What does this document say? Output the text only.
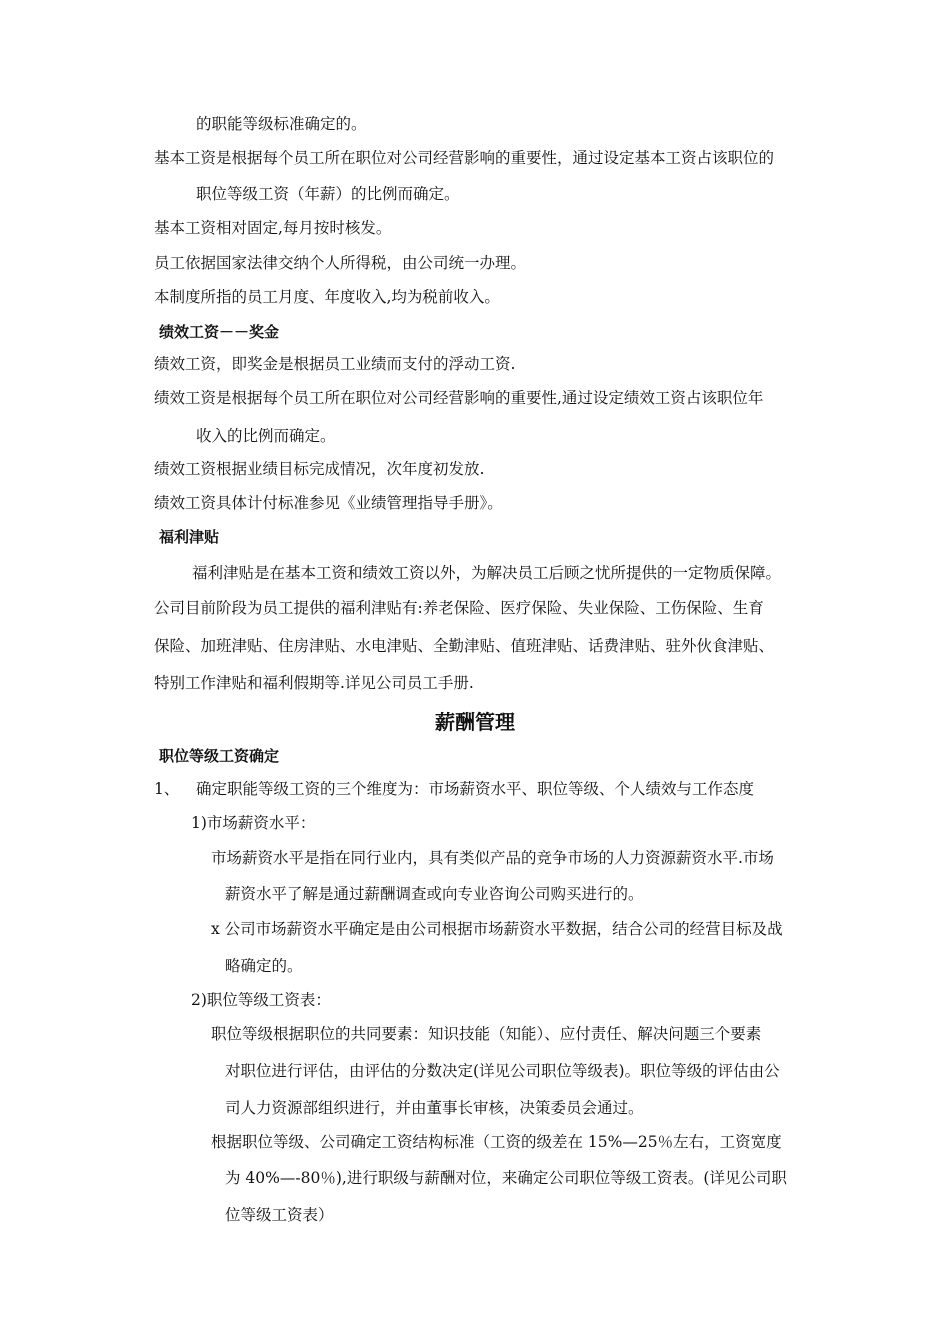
的职能等级标准确定的。
基本工资是根据每个员工所在职位对公司经营影响的重要性，通过设定基本工资占该职位的
职位等级工资（年薪）的比例而确定。
基本工资相对固定,每月按时核发。
员工依据国家法律交纳个人所得税，由公司统一办理。
本制度所指的员工月度、年度收入,均为税前收入。
绩效工资－－奖金
绩效工资，即奖金是根据员工业绩而支付的浮动工资.
绩效工资是根据每个员工所在职位对公司经营影响的重要性,通过设定绩效工资占该职位年
收入的比例而确定。
绩效工资根据业绩目标完成情况，次年度初发放.
绩效工资具体计付标准参见《业绩管理指导手册》。
福利津贴
福利津贴是在基本工资和绩效工资以外，为解决员工后顾之忧所提供的一定物质保障。
公司目前阶段为员工提供的福利津贴有:养老保险、医疗保险、失业保险、工伤保险、生育
保险、加班津贴、住房津贴、水电津贴、全勤津贴、值班津贴、话费津贴、驻外伙食津贴、
特别工作津贴和福利假期等.详见公司员工手册.
薪酬管理
职位等级工资确定
1、 确定职能等级工资的三个维度为：市场薪资水平、职位等级、个人绩效与工作态度
1)市场薪资水平：
市场薪资水平是指在同行业内，具有类似产品的竞争市场的人力资源薪资水平.市场
薪资水平了解是通过薪酬调查或向专业咨询公司购买进行的。
x 公司市场薪资水平确定是由公司根据市场薪资水平数据，结合公司的经营目标及战
略确定的。
2)职位等级工资表：
职位等级根据职位的共同要素：知识技能（知能）、应付责任、解决问题三个要素
对职位进行评估，由评估的分数决定(详见公司职位等级表)。职位等级的评估由公
司人力资源部组织进行，并由董事长审核，决策委员会通过。
根据职位等级、公司确定工资结构标准（工资的级差在 15%—25％左右，工资宽度
为 40%—-80％),进行职级与薪酬对位，来确定公司职位等级工资表。(详见公司职
位等级工资表）
